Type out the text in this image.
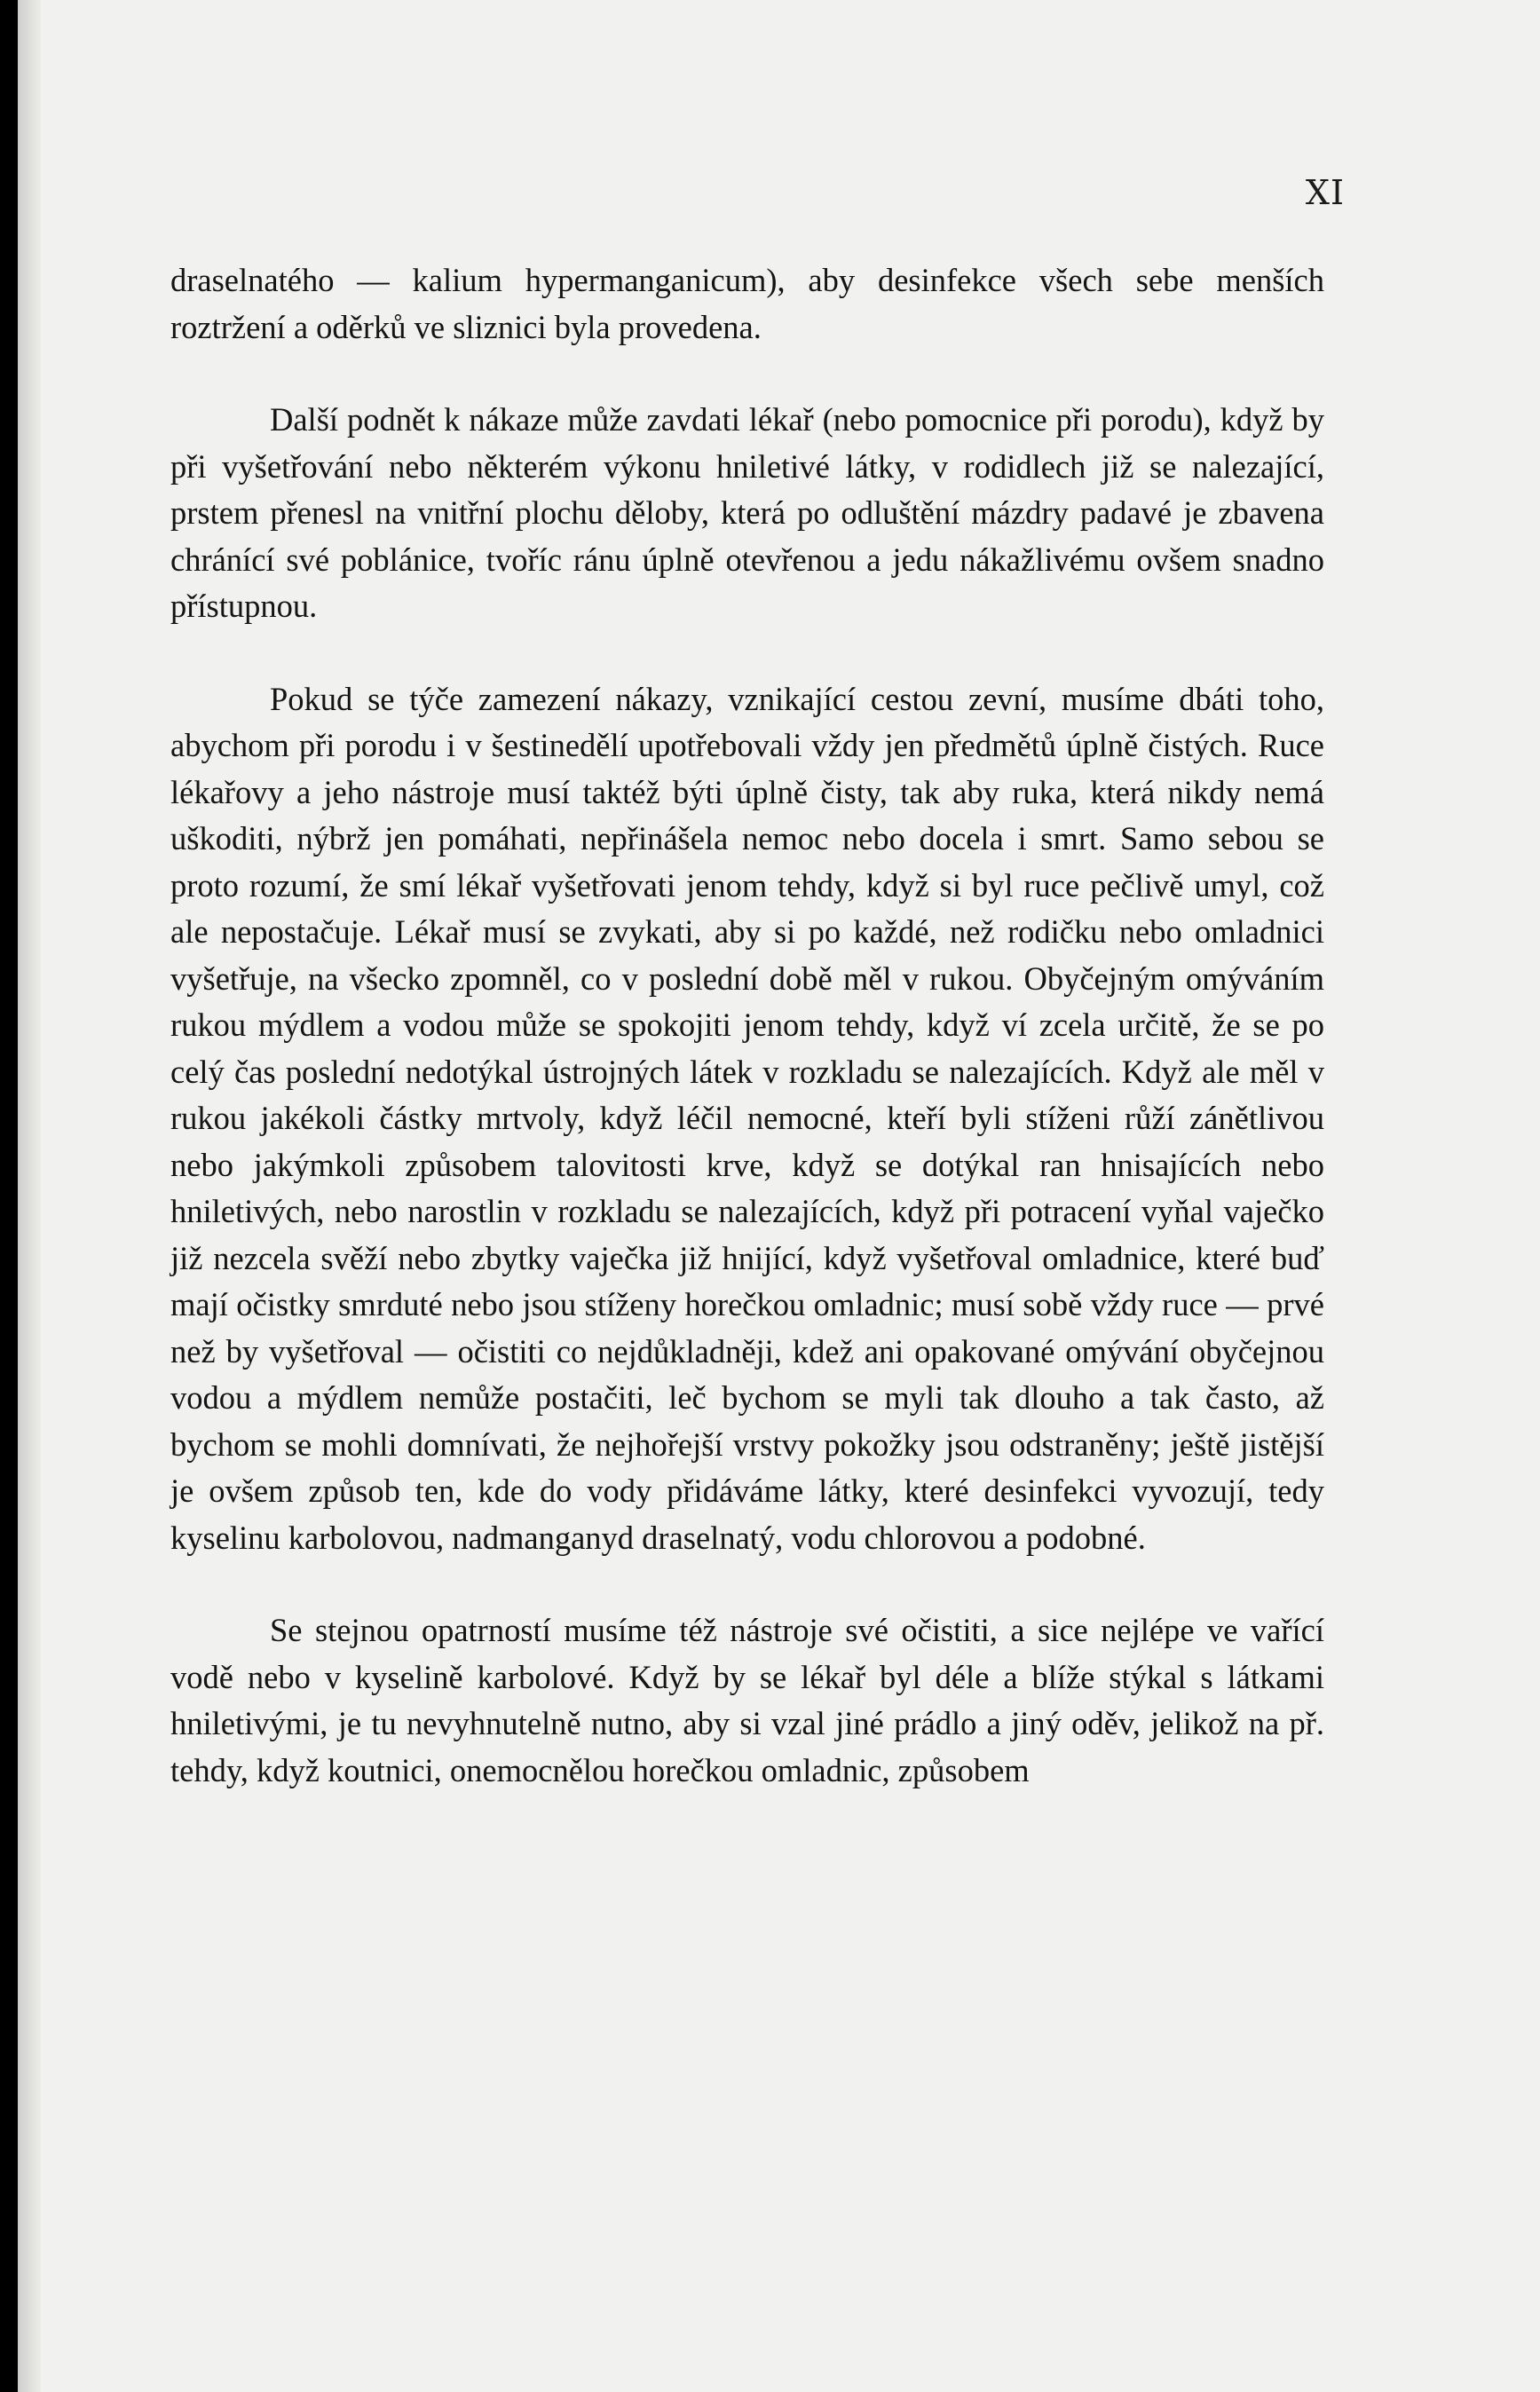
XI

draselnatého — kalium hypermanganicum), aby desinfekce všech sebe menších roztržení a oděrků ve sliznici byla provedena.

Další podnět k nákaze může zavdati lékař (nebo pomocnice při porodu), když by při vyšetřování nebo některém výkonu hniletivé látky, v rodidlech již se nalezající, prstem přenesl na vnitřní plochu děloby, která po odluštění mázdry padavé je zbavena chránící své poblánice, tvoříc ránu úplně otevřenou a jedu nákažlivému ovšem snadno přístupnou.

Pokud se týče zamezení nákazy, vznikající cestou zevní, musíme dbáti toho, abychom při porodu i v šestinedělí upotřebovali vždy jen předmětů úplně čistých. Ruce lékařovy a jeho nástroje musí taktéž býti úplně čisty, tak aby ruka, která nikdy nemá uškoditi, nýbrž jen pomáhati, nepřinášela nemoc nebo docela i smrt. Samo sebou se proto rozumí, že smí lékař vyšetřovati jenom tehdy, když si byl ruce pečlivě umyl, což ale nepostačuje. Lékař musí se zvykati, aby si po každé, než rodičku nebo omladnici vyšetřuje, na všecko zpomněl, co v poslední době měl v rukou. Obyčejným omýváním rukou mýdlem a vodou může se spokojiti jenom tehdy, když ví zcela určitě, že se po celý čas poslední nedotýkal ústrojných látek v rozkladu se nalezajících. Když ale měl v rukou jakékoli částky mrtvoly, když léčil nemocné, kteří byli stíženi růží zánětlivou nebo jakýmkoli způsobem talovitosti krve, když se dotýkal ran hnisajících nebo hniletivých, nebo narostlin v rozkladu se nalezajících, když při potracení vyňal vaječko již nezcela svěží nebo zbytky vaječka již hnijící, když vyšetřoval omladnice, které buď mají očistky smrduté nebo jsou stíženy horečkou omladnic; musí sobě vždy ruce — prvé než by vyšetřoval — očistiti co nejdůkladněji, kdež ani opakované omývání obyčejnou vodou a mýdlem nemůže postačiti, leč bychom se myli tak dlouho a tak často, až bychom se mohli domnívati, že nejhořejší vrstvy pokožky jsou odstraněny; ještě jistější je ovšem způsob ten, kde do vody přidáváme látky, které desinfekci vyvozují, tedy kyselinu karbolovou, nadmanganyd draselnatý, vodu chlorovou a podobné.

Se stejnou opatrností musíme též nástroje své očistiti, a sice nejlépe ve vařící vodě nebo v kyselině karbolové. Když by se lékař byl déle a blíže stýkal s látkami hniletivými, je tu nevyhnutelně nutno, aby si vzal jiné prádlo a jiný oděv, jelikož na př. tehdy, když koutnici, onemocnělou horečkou omladnic, způsobem
